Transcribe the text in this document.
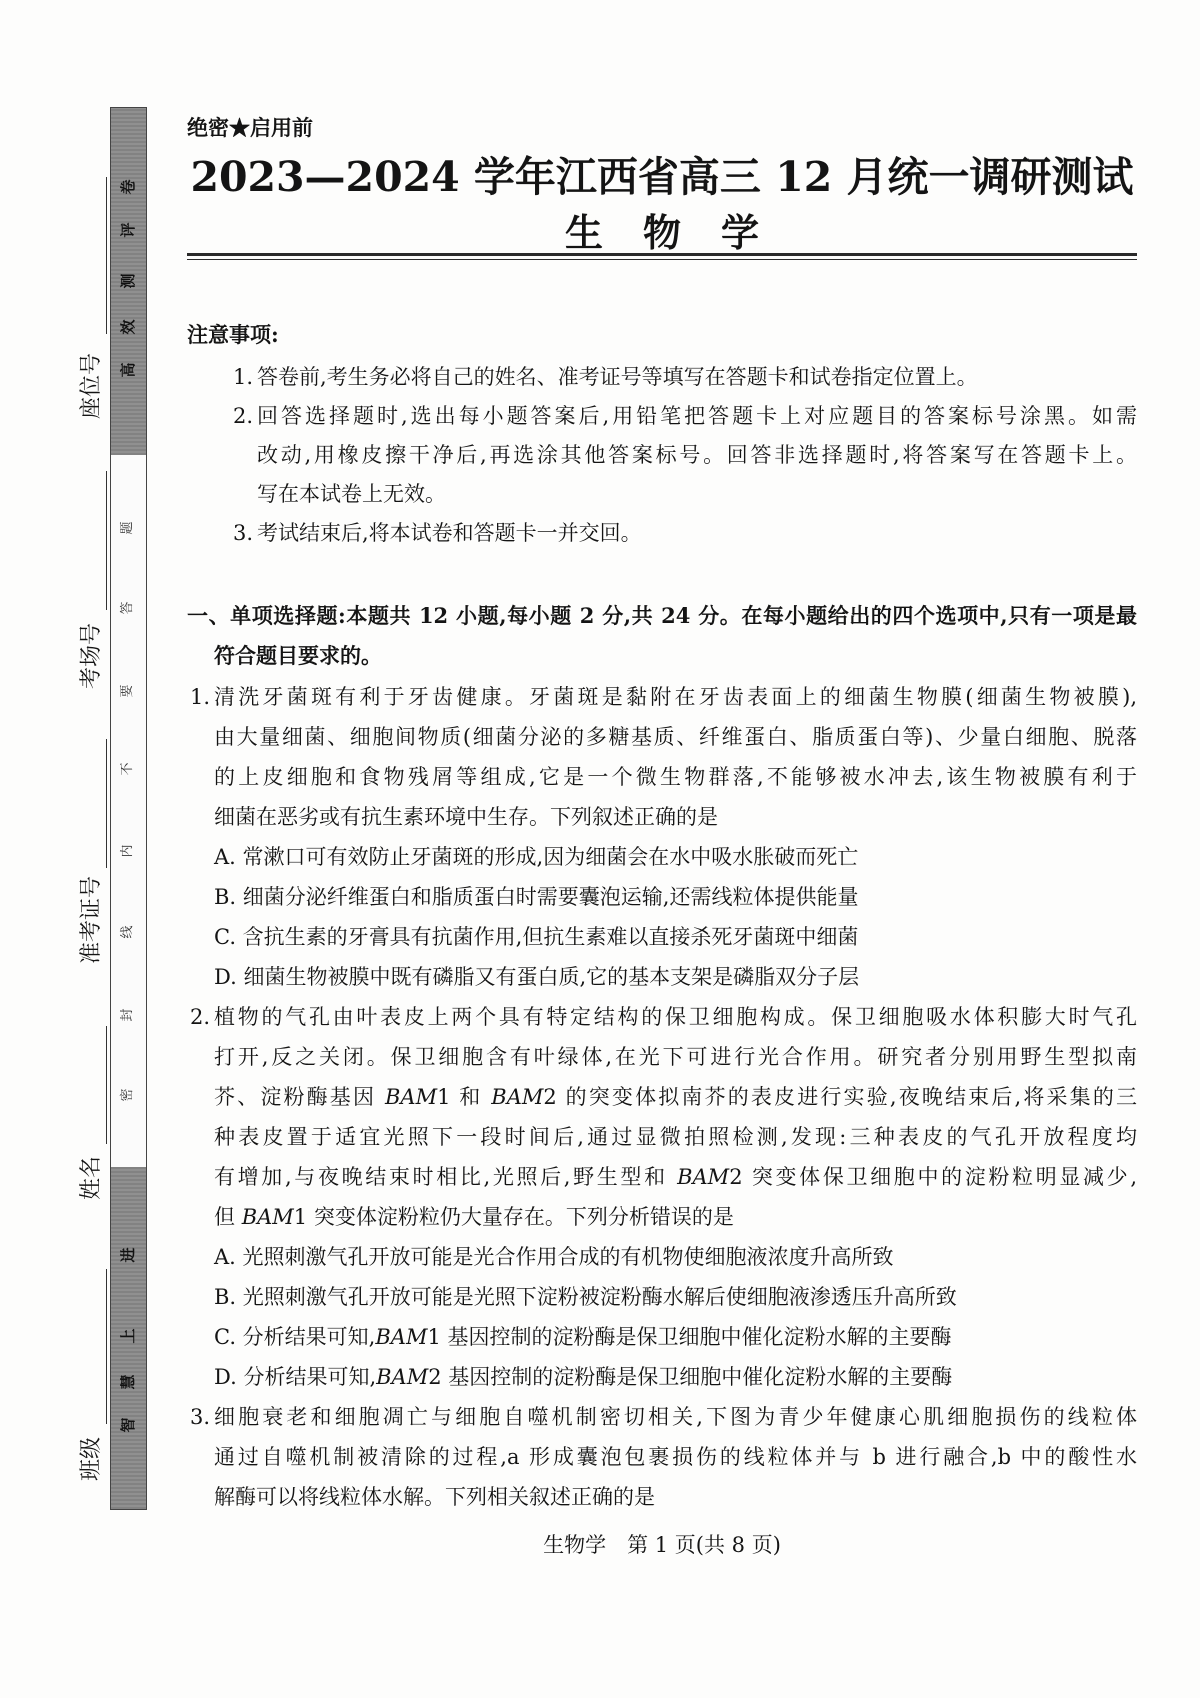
卷
评
测
效
高
题
答
要
不
内
线
封
密
进
上
慧
智
座位号
考场号
准考证号
姓名
班级
绝密★启用前
2023—2024 学年江西省高三 12 月统一调研测试
生物学
注意事项:
1. 答卷前,考生务必将自己的姓名、准考证号等填写在答题卡和试卷指定位置上。
2. 回答选择题时,选出每小题答案后,用铅笔把答题卡上对应题目的答案标号涂黑。如需
改动,用橡皮擦干净后,再选涂其他答案标号。回答非选择题时,将答案写在答题卡上。
写在本试卷上无效。
3. 考试结束后,将本试卷和答题卡一并交回。
一、单项选择题:本题共 12 小题,每小题 2 分,共 24 分。在每小题给出的四个选项中,只有一项是最
符合题目要求的。
1. 清洗牙菌斑有利于牙齿健康。牙菌斑是黏附在牙齿表面上的细菌生物膜(细菌生物被膜),
由大量细菌、细胞间物质(细菌分泌的多糖基质、纤维蛋白、脂质蛋白等)、少量白细胞、脱落
的上皮细胞和食物残屑等组成,它是一个微生物群落,不能够被水冲去,该生物被膜有利于
细菌在恶劣或有抗生素环境中生存。下列叙述正确的是
A. 常漱口可有效防止牙菌斑的形成,因为细菌会在水中吸水胀破而死亡
B. 细菌分泌纤维蛋白和脂质蛋白时需要囊泡运输,还需线粒体提供能量
C. 含抗生素的牙膏具有抗菌作用,但抗生素难以直接杀死牙菌斑中细菌
D. 细菌生物被膜中既有磷脂又有蛋白质,它的基本支架是磷脂双分子层
2. 植物的气孔由叶表皮上两个具有特定结构的保卫细胞构成。保卫细胞吸水体积膨大时气孔
打开,反之关闭。保卫细胞含有叶绿体,在光下可进行光合作用。研究者分别用野生型拟南
芥、淀粉酶基因 BAM1 和 BAM2 的突变体拟南芥的表皮进行实验,夜晚结束后,将采集的三
种表皮置于适宜光照下一段时间后,通过显微拍照检测,发现:三种表皮的气孔开放程度均
有增加,与夜晚结束时相比,光照后,野生型和 BAM2 突变体保卫细胞中的淀粉粒明显减少,
但 BAM1 突变体淀粉粒仍大量存在。下列分析错误的是
A. 光照刺激气孔开放可能是光合作用合成的有机物使细胞液浓度升高所致
B. 光照刺激气孔开放可能是光照下淀粉被淀粉酶水解后使细胞液渗透压升高所致
C. 分析结果可知,BAM1 基因控制的淀粉酶是保卫细胞中催化淀粉水解的主要酶
D. 分析结果可知,BAM2 基因控制的淀粉酶是保卫细胞中催化淀粉水解的主要酶
3. 细胞衰老和细胞凋亡与细胞自噬机制密切相关,下图为青少年健康心肌细胞损伤的线粒体
通过自噬机制被清除的过程,a 形成囊泡包裹损伤的线粒体并与 b 进行融合,b 中的酸性水
解酶可以将线粒体水解。下列相关叙述正确的是
生物学　第 1 页(共 8 页)
